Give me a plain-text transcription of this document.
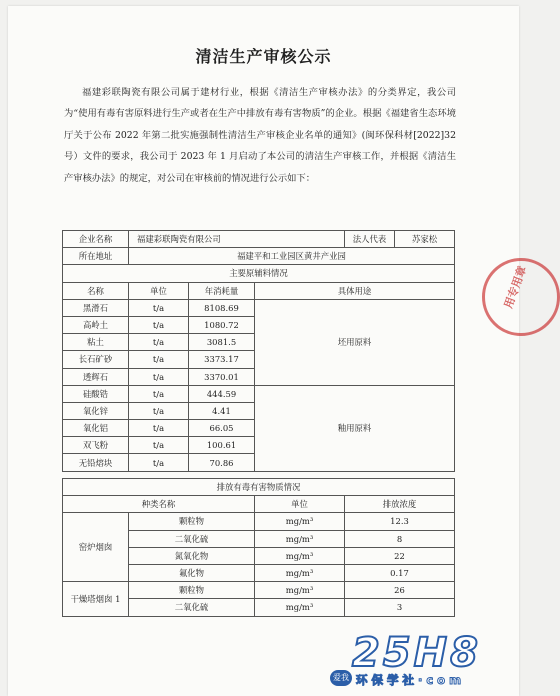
清洁生产审核公示
福建彩联陶瓷有限公司属于建材行业，根据《清洁生产审核办法》的分类界定，我公司为“使用有毒有害原料进行生产或者在生产中排放有毒有害物质”的企业。根据《福建省生态环境厅关于公布 2022 年第二批实施强制性清洁生产审核企业名单的通知》(闽环保科材[2022]32 号）文件的要求，我公司于 2023 年 1 月启动了本公司的清洁生产审核工作，并根据《清洁生产审核办法》的规定，对公司在审核前的情况进行公示如下：
企业名称	福建彩联陶瓷有限公司			法人代表	苏家松
所在地址	福建平和工业园区黄井产业园				
主要原辅料情况					
名称	单位	年消耗量	具体用途		
黑滑石	t/a	8108.69	坯用原料		
高岭土	t/a	1080.72			
粘土	t/a	3081.5			
长石矿砂	t/a	3373.17			
透辉石	t/a	3370.01			
硅酸锆	t/a	444.59	釉用原料		
氧化锌	t/a	4.41			
氧化铝	t/a	66.05			
双飞粉	t/a	100.61			
无铅熔块	t/a	70.86			
排放有毒有害物质情况			
种类名称		单位	排放浓度
窑炉烟囱	颗粒物	mg/m³	12.3
	二氧化硫	mg/m³	8
	氮氧化物	mg/m³	22
	氟化物	mg/m³	0.17
干燥塔烟囱 1	颗粒物	mg/m³	26
	二氧化硫	mg/m³	3
用专用章
25H8
爱我 环保学社·com
